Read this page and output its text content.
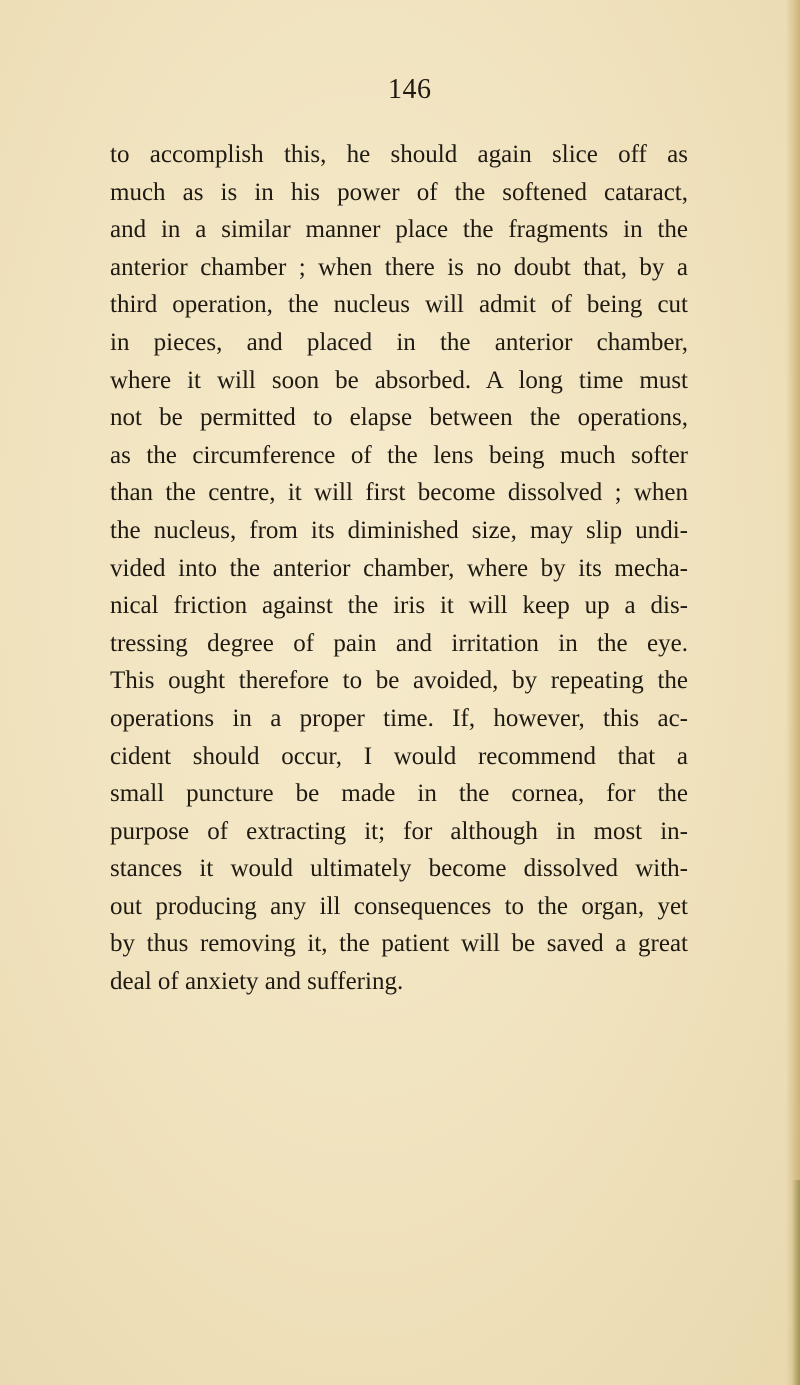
146
to accomplish this, he should again slice off as
much as is in his power of the softened cataract,
and in a similar manner place the fragments in the
anterior chamber ; when there is no doubt that, by a
third operation, the nucleus will admit of being cut
in pieces, and placed in the anterior chamber,
where it will soon be absorbed. A long time must
not be permitted to elapse between the operations,
as the circumference of the lens being much softer
than the centre, it will first become dissolved ; when
the nucleus, from its diminished size, may slip undi-
vided into the anterior chamber, where by its mecha-
nical friction against the iris it will keep up a dis-
tressing degree of pain and irritation in the eye.
This ought therefore to be avoided, by repeating the
operations in a proper time. If, however, this ac-
cident should occur, I would recommend that a
small puncture be made in the cornea, for the
purpose of extracting it; for although in most in-
stances it would ultimately become dissolved with-
out producing any ill consequences to the organ, yet
by thus removing it, the patient will be saved a great
deal of anxiety and suffering.
